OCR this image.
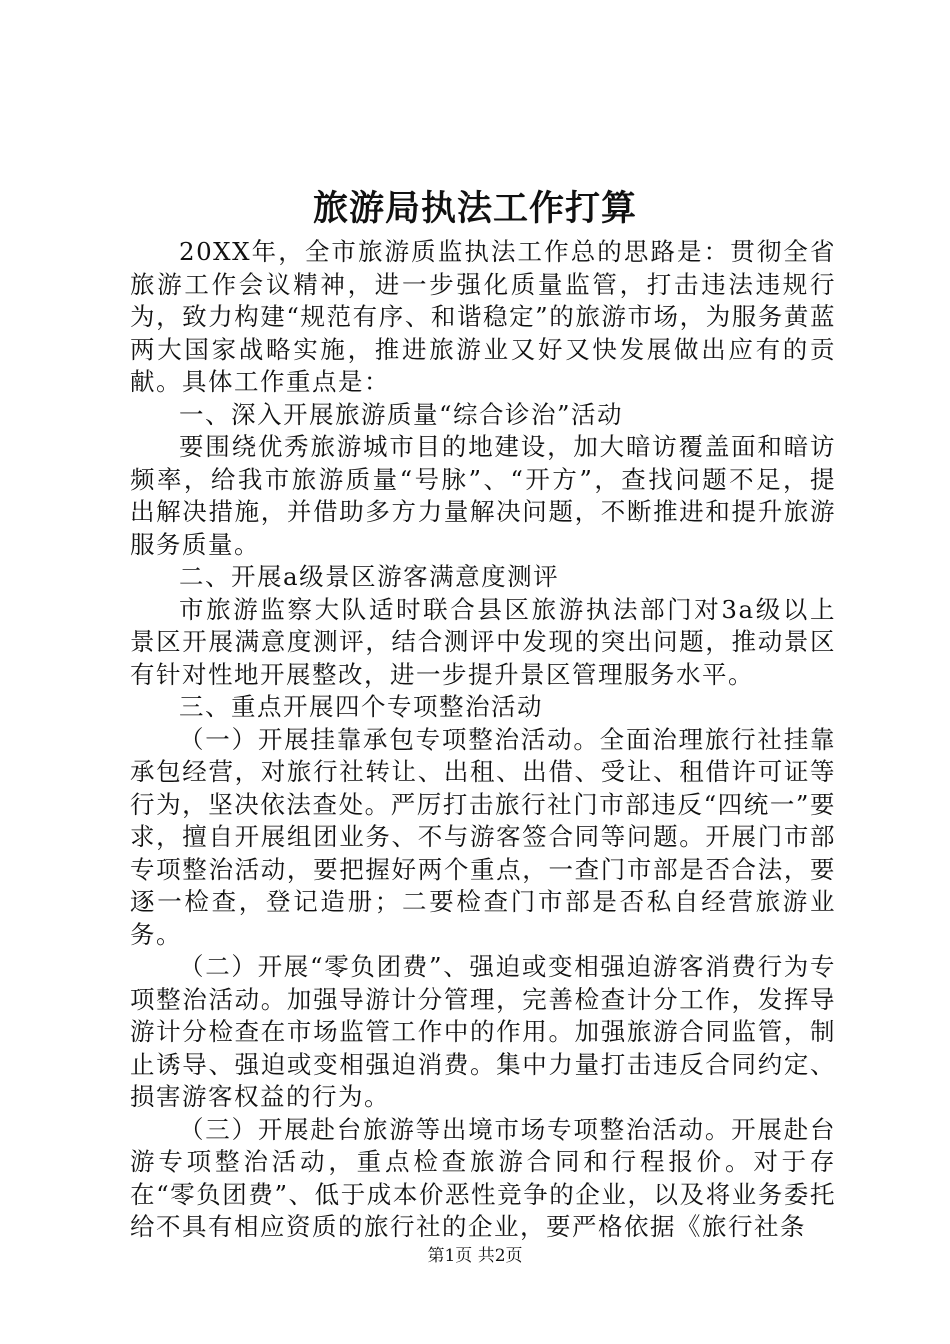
旅游局执法工作打算

20XX年，全市旅游质监执法工作总的思路是：贯彻全省旅游工作会议精神，进一步强化质量监管，打击违法违规行为，致力构建“规范有序、和谐稳定”的旅游市场，为服务黄蓝两大国家战略实施，推进旅游业又好又快发展做出应有的贡献。具体工作重点是：

一、深入开展旅游质量“综合诊治”活动

要围绕优秀旅游城市目的地建设，加大暗访覆盖面和暗访频率，给我市旅游质量“号脉”、“开方”，查找问题不足，提出解决措施，并借助多方力量解决问题，不断推进和提升旅游服务质量。

二、开展a级景区游客满意度测评

市旅游监察大队适时联合县区旅游执法部门对3a级以上景区开展满意度测评，结合测评中发现的突出问题，推动景区有针对性地开展整改，进一步提升景区管理服务水平。

三、重点开展四个专项整治活动

（一）开展挂靠承包专项整治活动。全面治理旅行社挂靠承包经营，对旅行社转让、出租、出借、受让、租借许可证等行为，坚决依法查处。严厉打击旅行社门市部违反“四统一”要求，擅自开展组团业务、不与游客签合同等问题。开展门市部专项整治活动，要把握好两个重点，一查门市部是否合法，要逐一检查，登记造册；二要检查门市部是否私自经营旅游业务。

（二）开展“零负团费”、强迫或变相强迫游客消费行为专项整治活动。加强导游计分管理，完善检查计分工作，发挥导游计分检查在市场监管工作中的作用。加强旅游合同监管，制止诱导、强迫或变相强迫消费。集中力量打击违反合同约定、损害游客权益的行为。

（三）开展赴台旅游等出境市场专项整治活动。开展赴台游专项整治活动，重点检查旅游合同和行程报价。对于存在“零负团费”、低于成本价恶性竞争的企业，以及将业务委托给不具有相应资质的旅行社的企业，要严格依据《旅行社条

第1页 共2页
